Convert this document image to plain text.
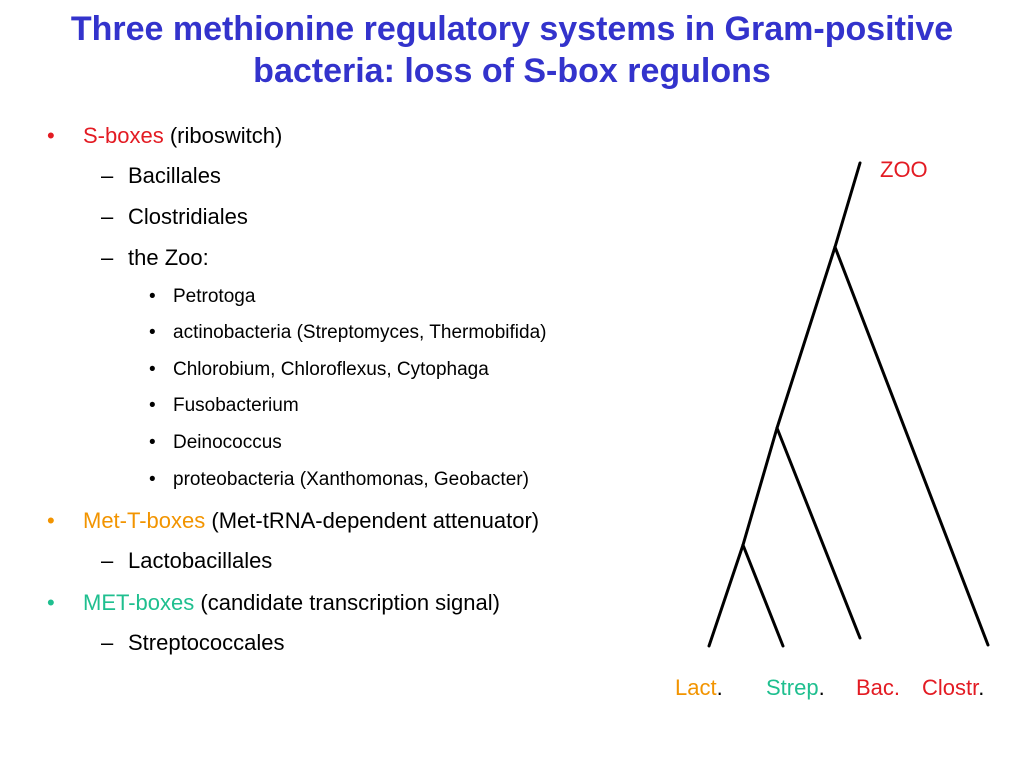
Three methionine regulatory systems in Gram-positive bacteria: loss of S-box regulons
• S-boxes (riboswitch)
– Bacillales
– Clostridiales
– the Zoo:
• Petrotoga
• actinobacteria (Streptomyces, Thermobifida)
• Chlorobium, Chloroflexus, Cytophaga
• Fusobacterium
• Deinococcus
• proteobacteria (Xanthomonas, Geobacter)
• Met-T-boxes (Met-tRNA-dependent attenuator)
– Lactobacillales
• MET-boxes (candidate transcription signal)
– Streptococcales
ZOO
Lact. Strep. Bac. Clostr.
